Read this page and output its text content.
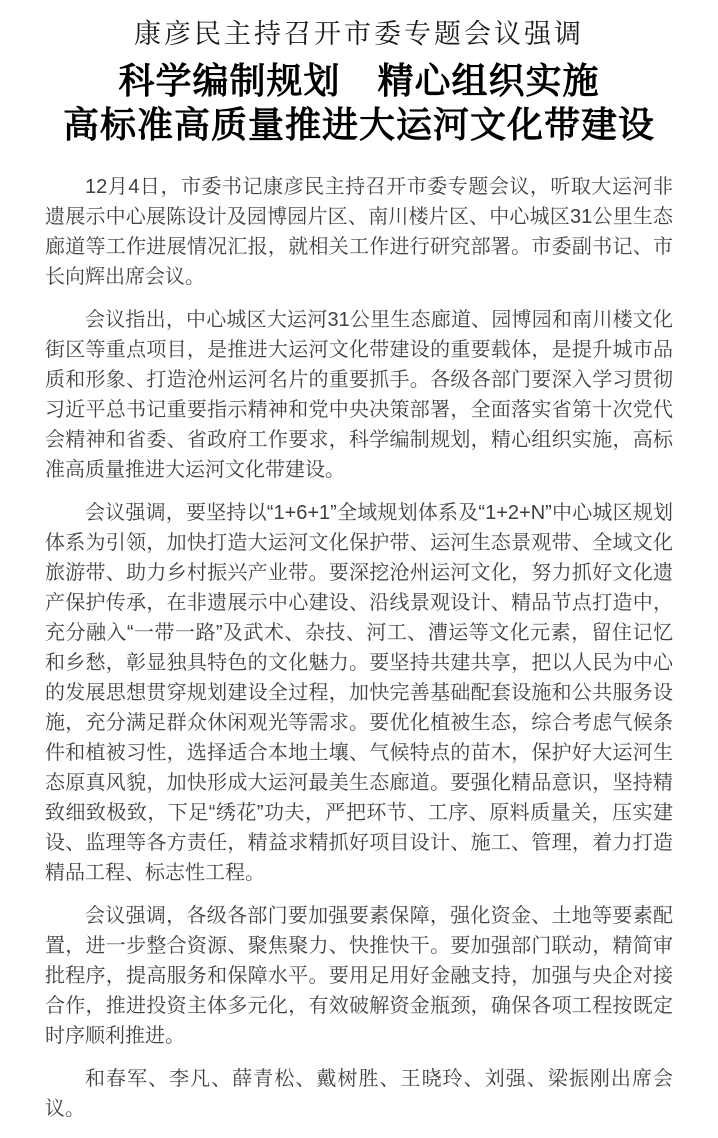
康彦民主持召开市委专题会议强调
科学编制规划　精心组织实施
高标准高质量推进大运河文化带建设

12月4日，市委书记康彦民主持召开市委专题会议，听取大运河非遗展示中心展陈设计及园博园片区、南川楼片区、中心城区31公里生态廊道等工作进展情况汇报，就相关工作进行研究部署。市委副书记、市长向辉出席会议。

会议指出，中心城区大运河31公里生态廊道、园博园和南川楼文化街区等重点项目，是推进大运河文化带建设的重要载体，是提升城市品质和形象、打造沧州运河名片的重要抓手。各级各部门要深入学习贯彻习近平总书记重要指示精神和党中央决策部署，全面落实省第十次党代会精神和省委、省政府工作要求，科学编制规划，精心组织实施，高标准高质量推进大运河文化带建设。

会议强调，要坚持以“1+6+1”全域规划体系及“1+2+N”中心城区规划体系为引领，加快打造大运河文化保护带、运河生态景观带、全域文化旅游带、助力乡村振兴产业带。要深挖沧州运河文化，努力抓好文化遗产保护传承，在非遗展示中心建设、沿线景观设计、精品节点打造中，充分融入“一带一路”及武术、杂技、河工、漕运等文化元素，留住记忆和乡愁，彰显独具特色的文化魅力。要坚持共建共享，把以人民为中心的发展思想贯穿规划建设全过程，加快完善基础配套设施和公共服务设施，充分满足群众休闲观光等需求。要优化植被生态，综合考虑气候条件和植被习性，选择适合本地土壤、气候特点的苗木，保护好大运河生态原真风貌，加快形成大运河最美生态廊道。要强化精品意识，坚持精致细致极致，下足“绣花”功夫，严把环节、工序、原料质量关，压实建设、监理等各方责任，精益求精抓好项目设计、施工、管理，着力打造精品工程、标志性工程。

会议强调，各级各部门要加强要素保障，强化资金、土地等要素配置，进一步整合资源、聚焦聚力、快推快干。要加强部门联动，精简审批程序，提高服务和保障水平。要用足用好金融支持，加强与央企对接合作，推进投资主体多元化，有效破解资金瓶颈，确保各项工程按既定时序顺利推进。

和春军、李凡、薛青松、戴树胜、王晓玲、刘强、梁振刚出席会议。
